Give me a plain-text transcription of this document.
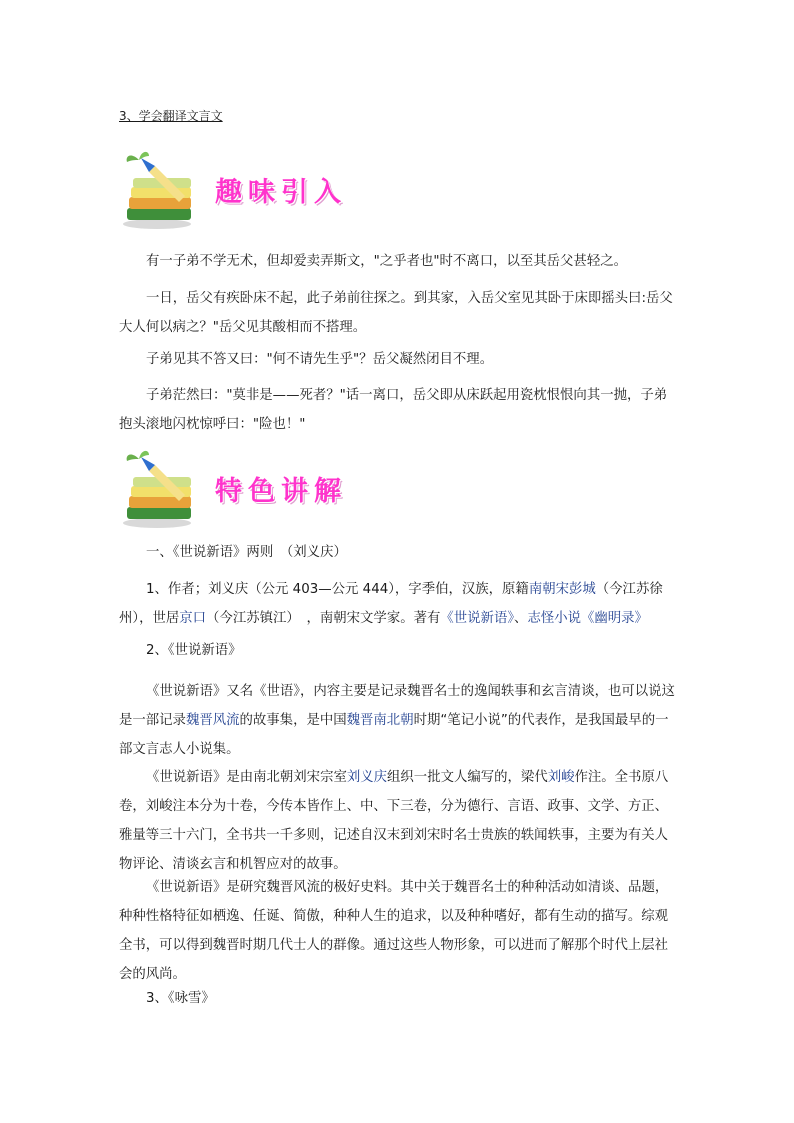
3、学会翻译文言文
趣味引入

有一子弟不学无术，但却爱卖弄斯文，"之乎者也"时不离口，以至其岳父甚轻之。

一日，岳父有疾卧床不起，此子弟前往探之。到其家，入岳父室见其卧于床即摇头曰:岳父大人何以病之？"岳父见其酸相而不搭理。

子弟见其不答又曰："何不请先生乎"？岳父凝然闭目不理。

子弟茫然曰："莫非是——死者？"话一离口，岳父即从床跃起用瓷枕恨恨向其一抛，子弟抱头滚地闪枕惊呼曰："险也！"

特色讲解

一、《世说新语》两则　（刘义庆）

1、作者；刘义庆（公元 403—公元 444），字季伯，汉族，原籍南朝宋彭城（今江苏徐州），世居京口（今江苏镇江）　，南朝宋文学家。著有《世说新语》、志怪小说《幽明录》

2、《世说新语》

《世说新语》又名《世语》，内容主要是记录魏晋名士的逸闻轶事和玄言清谈，也可以说这是一部记录魏晋风流的故事集，是中国魏晋南北朝时期“笔记小说”的代表作，是我国最早的一部文言志人小说集。

《世说新语》是由南北朝刘宋宗室刘义庆组织一批文人编写的，梁代刘峻作注。全书原八卷，刘峻注本分为十卷，今传本皆作上、中、下三卷，分为德行、言语、政事、文学、方正、雅量等三十六门，全书共一千多则，记述自汉末到刘宋时名士贵族的轶闻轶事，主要为有关人物评论、清谈玄言和机智应对的故事。

《世说新语》是研究魏晋风流的极好史料。其中关于魏晋名士的种种活动如清谈、品题，种种性格特征如栖逸、任诞、简傲，种种人生的追求，以及种种嗜好，都有生动的描写。综观全书，可以得到魏晋时期几代士人的群像。通过这些人物形象，可以进而了解那个时代上层社会的风尚。

3、《咏雪》
